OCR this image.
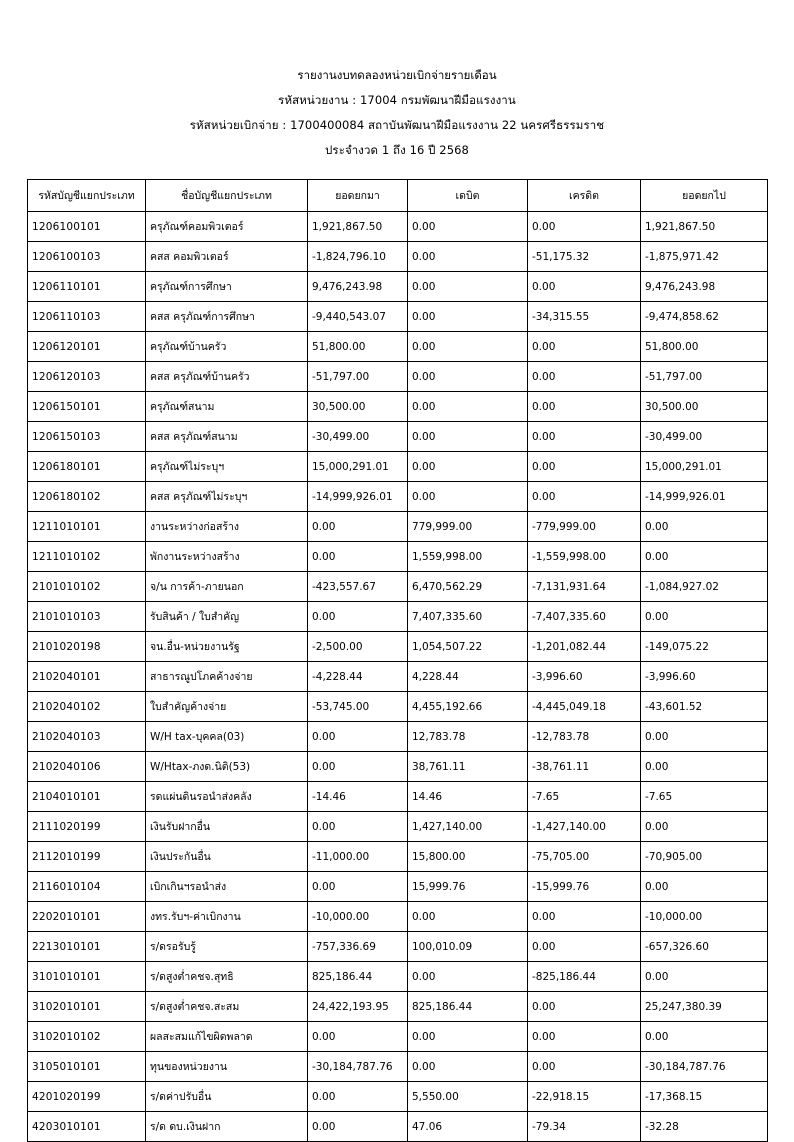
รายงานงบทดลองหน่วยเบิกจ่ายรายเดือน
รหัสหน่วยงาน : 17004 กรมพัฒนาฝีมือแรงงาน
รหัสหน่วยเบิกจ่าย : 1700400084 สถาบันพัฒนาฝีมือแรงงาน 22 นครศรีธรรมราช
ประจำงวด 1 ถึง 16 ปี 2568
รหัสบัญชีแยกประเภท	ชื่อบัญชีแยกประเภท	ยอดยกมา	เดบิต	เครดิต	ยอดยกไป
1206100101	ครุภัณฑ์คอมพิวเตอร์	1,921,867.50	0.00	0.00	1,921,867.50
1206100103	คสส คอมพิวเตอร์	-1,824,796.10	0.00	-51,175.32	-1,875,971.42
1206110101	ครุภัณฑ์การศึกษา	9,476,243.98	0.00	0.00	9,476,243.98
1206110103	คสส ครุภัณฑ์การศึกษา	-9,440,543.07	0.00	-34,315.55	-9,474,858.62
1206120101	ครุภัณฑ์บ้านครัว	51,800.00	0.00	0.00	51,800.00
1206120103	คสส ครุภัณฑ์บ้านครัว	-51,797.00	0.00	0.00	-51,797.00
1206150101	ครุภัณฑ์สนาม	30,500.00	0.00	0.00	30,500.00
1206150103	คสส ครุภัณฑ์สนาม	-30,499.00	0.00	0.00	-30,499.00
1206180101	ครุภัณฑ์ไม่ระบุฯ	15,000,291.01	0.00	0.00	15,000,291.01
1206180102	คสส ครุภัณฑ์ไม่ระบุฯ	-14,999,926.01	0.00	0.00	-14,999,926.01
1211010101	งานระหว่างก่อสร้าง	0.00	779,999.00	-779,999.00	0.00
1211010102	พักงานระหว่างสร้าง	0.00	1,559,998.00	-1,559,998.00	0.00
2101010102	จ/น การค้า-ภายนอก	-423,557.67	6,470,562.29	-7,131,931.64	-1,084,927.02
2101010103	รับสินค้า / ใบสำคัญ	0.00	7,407,335.60	-7,407,335.60	0.00
2101020198	จน.อื่น-หน่วยงานรัฐ	-2,500.00	1,054,507.22	-1,201,082.44	-149,075.22
2102040101	สาธารณูปโภคค้างจ่าย	-4,228.44	4,228.44	-3,996.60	-3,996.60
2102040102	ใบสำคัญค้างจ่าย	-53,745.00	4,455,192.66	-4,445,049.18	-43,601.52
2102040103	W/H tax-บุคคล(03)	0.00	12,783.78	-12,783.78	0.00
2102040106	W/Htax-ภงด.นิติ(53)	0.00	38,761.11	-38,761.11	0.00
2104010101	รดแผ่นดินรอนำส่งคลัง	-14.46	14.46	-7.65	-7.65
2111020199	เงินรับฝากอื่น	0.00	1,427,140.00	-1,427,140.00	0.00
2112010199	เงินประกันอื่น	-11,000.00	15,800.00	-75,705.00	-70,905.00
2116010104	เบิกเกินฯรอนำส่ง	0.00	15,999.76	-15,999.76	0.00
2202010101	งทร.รับฯ-ค่าเบิกงาน	-10,000.00	0.00	0.00	-10,000.00
2213010101	ร/ดรอรับรู้	-757,336.69	100,010.09	0.00	-657,326.60
3101010101	ร/ดสูงต่ำคชจ.สุทธิ	825,186.44	0.00	-825,186.44	0.00
3102010101	ร/ดสูงต่ำคชจ.สะสม	24,422,193.95	825,186.44	0.00	25,247,380.39
3102010102	ผลสะสมแก้ไขผิดพลาด	0.00	0.00	0.00	0.00
3105010101	ทุนของหน่วยงาน	-30,184,787.76	0.00	0.00	-30,184,787.76
4201020199	ร/ดค่าปรับอื่น	0.00	5,550.00	-22,918.15	-17,368.15
4203010101	ร/ด ดบ.เงินฝาก	0.00	47.06	-79.34	-32.28
